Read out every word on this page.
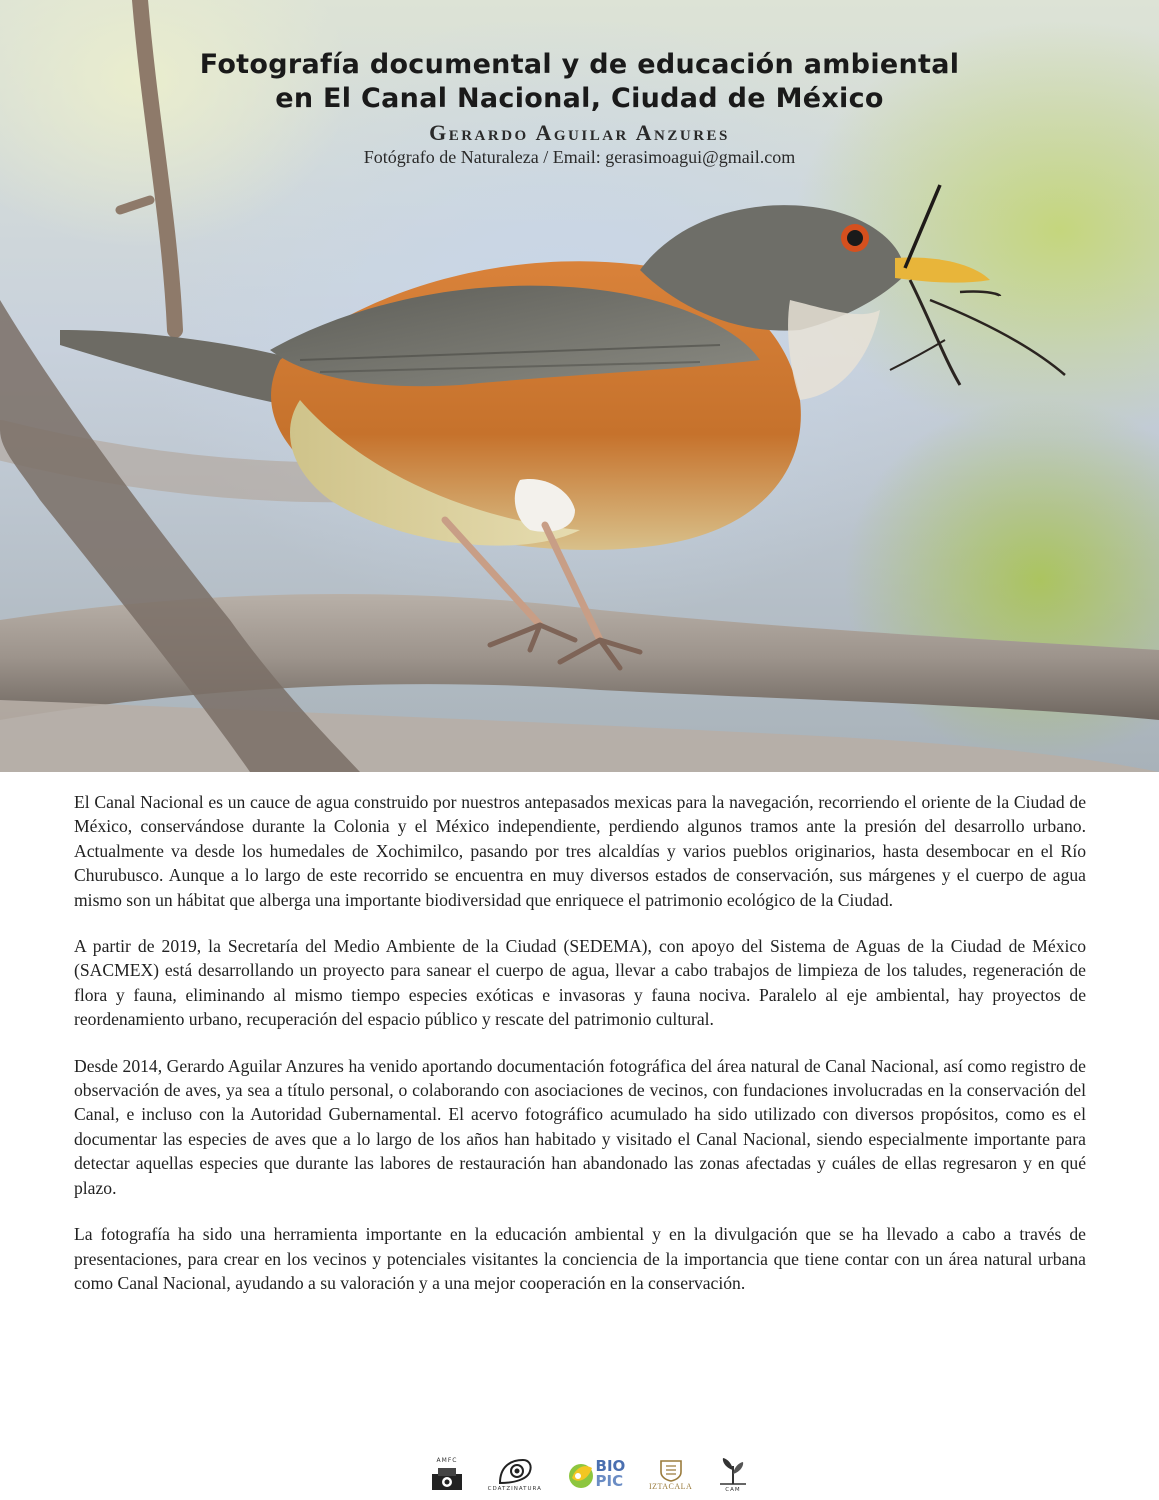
Fotografía documental y de educación ambiental
en El Canal Nacional, Ciudad de México
Gerardo Aguilar Anzures
Fotógrafo de Naturaleza / Email: gerasimoagui@gmail.com

El Canal Nacional es un cauce de agua construido por nuestros antepasados mexicas para la navegación, recorriendo el oriente de la Ciudad de México, conservándose durante la Colonia y el México independiente, perdiendo algunos tramos ante la presión del desarrollo urbano. Actualmente va desde los humedales de Xochimilco, pasando por tres alcaldías y varios pueblos originarios, hasta desembocar en el Río Churubusco. Aunque a lo largo de este recorrido se encuentra en muy diversos estados de conservación, sus márgenes y el cuerpo de agua mismo son un hábitat que alberga una importante biodiversidad que enriquece el patrimonio ecológico de la Ciudad.

A partir de 2019, la Secretaría del Medio Ambiente de la Ciudad (SEDEMA), con apoyo del Sistema de Aguas de la Ciudad de México (SACMEX) está desarrollando un proyecto para sanear el cuerpo de agua, llevar a cabo trabajos de limpieza de los taludes, regeneración de flora y fauna, eliminando al mismo tiempo especies exóticas e invasoras y fauna nociva. Paralelo al eje ambiental, hay proyectos de reordenamiento urbano, recuperación del espacio público y rescate del patrimonio cultural.

Desde 2014, Gerardo Aguilar Anzures ha venido aportando documentación fotográfica del área natural de Canal Nacional, así como registro de observación de aves, ya sea a título personal, o colaborando con asociaciones de vecinos, con fundaciones involucradas en la conservación del Canal, e incluso con la Autoridad Gubernamental. El acervo fotográfico acumulado ha sido utilizado con diversos propósitos, como es el documentar las especies de aves que a lo largo de los años han habitado y visitado el Canal Nacional, siendo especialmente importante para detectar aquellas especies que durante las labores de restauración han abandonado las zonas afectadas y cuáles de ellas regresaron y en qué plazo.

La fotografía ha sido una herramienta importante en la educación ambiental y en la divulgación que se ha llevado a cabo a través de presentaciones, para crear en los vecinos y potenciales visitantes la conciencia de la importancia que tiene contar con un área natural urbana como Canal Nacional, ayudando a su valoración y a una mejor cooperación en la conservación.

AMFC
CDATZINATURA
BIO
PIC	IZTACALA	CAM
